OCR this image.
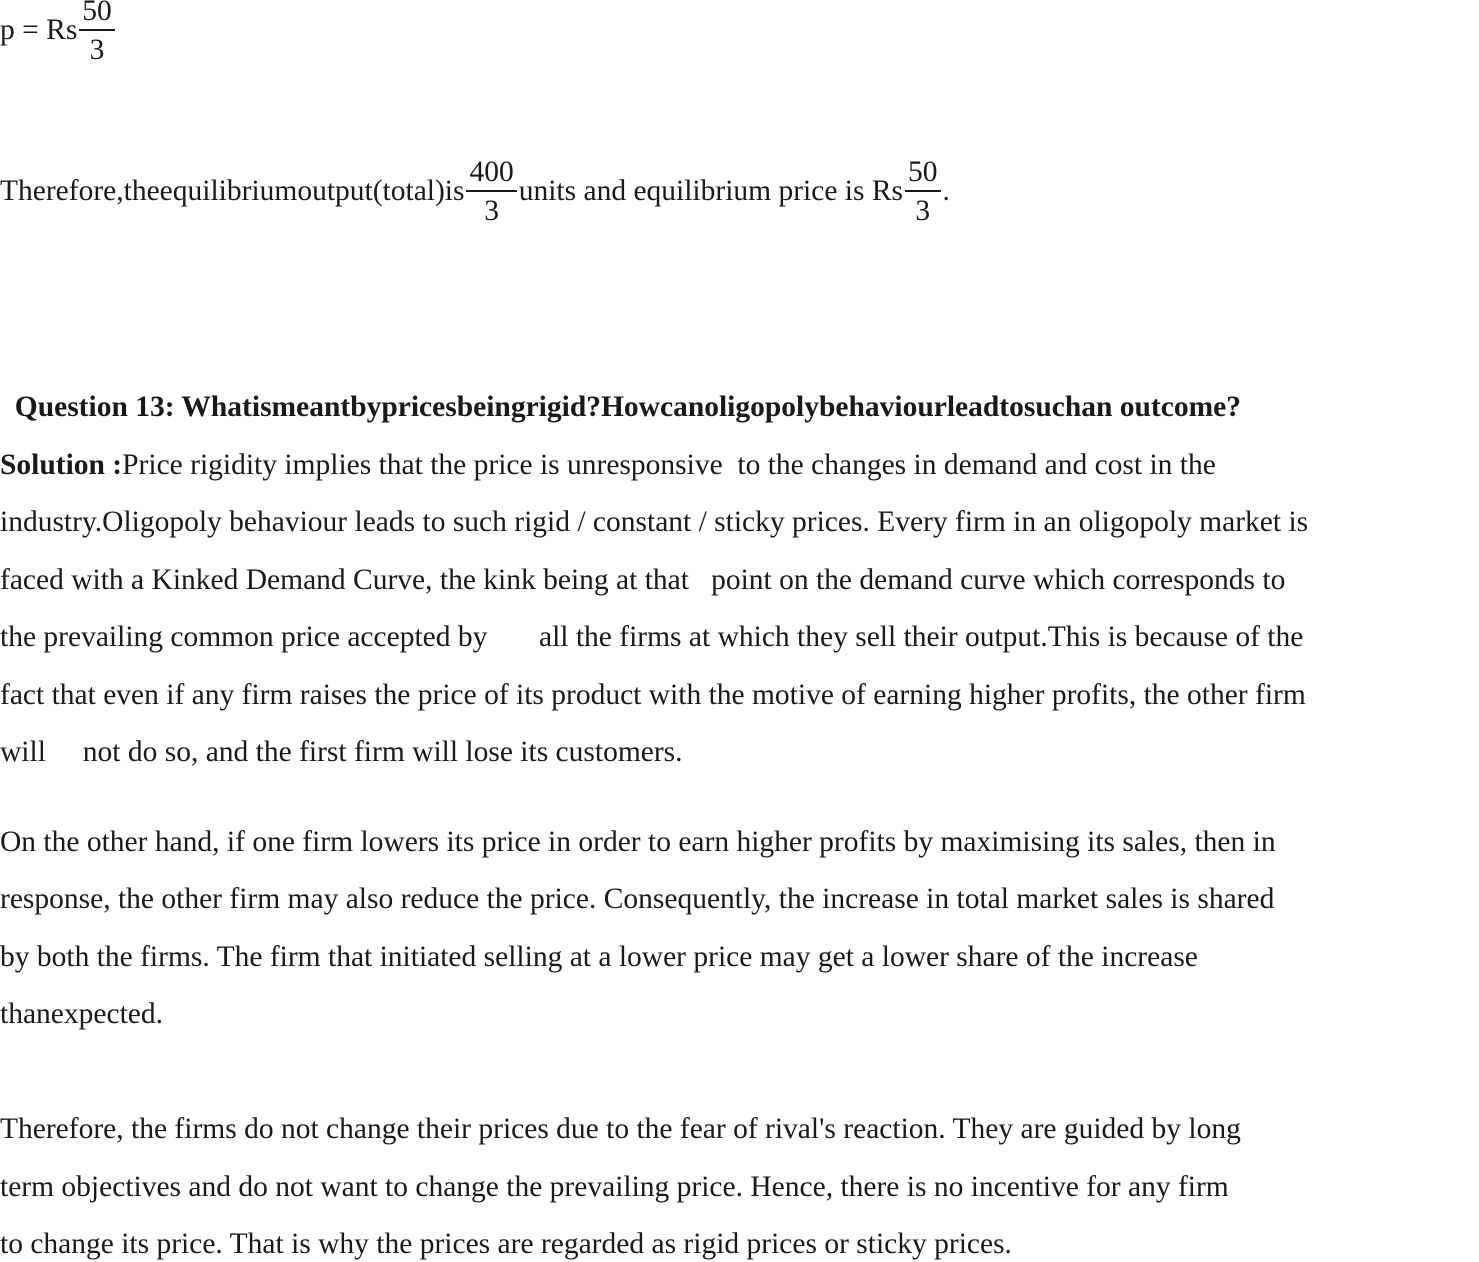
p = Rs $\frac{50}{3}$
Therefore,theequilibriumoutput(total)is $\frac{400}{3}$ units and equilibrium price is Rs $\frac{50}{3}$ .

Question 13: Whatismeantbypricesbeingrigid?Howcanoligopolybehaviourleadtosuchan outcome?

Solution :Price rigidity implies that the price is unresponsive  to the changes in demand and cost in the
industry.Oligopoly behaviour leads to such rigid / constant / sticky prices. Every firm in an oligopoly market is
faced with a Kinked Demand Curve, the kink being at that   point on the demand curve which corresponds to
the prevailing common price accepted by       all the firms at which they sell their output.This is because of the
fact that even if any firm raises the price of its product with the motive of earning higher profits, the other firm
will     not do so, and the first firm will lose its customers.
On the other hand, if one firm lowers its price in order to earn higher profits by maximising its sales, then in
response, the other firm may also reduce the price. Consequently, the increase in total market sales is shared
by both the firms. The firm that initiated selling at a lower price may get a lower share of the increase
thanexpected.
Therefore, the firms do not change their prices due to the fear of rival's reaction. They are guided by long
term objectives and do not want to change the prevailing price. Hence, there is no incentive for any firm
to change its price. That is why the prices are regarded as rigid prices or sticky prices.
